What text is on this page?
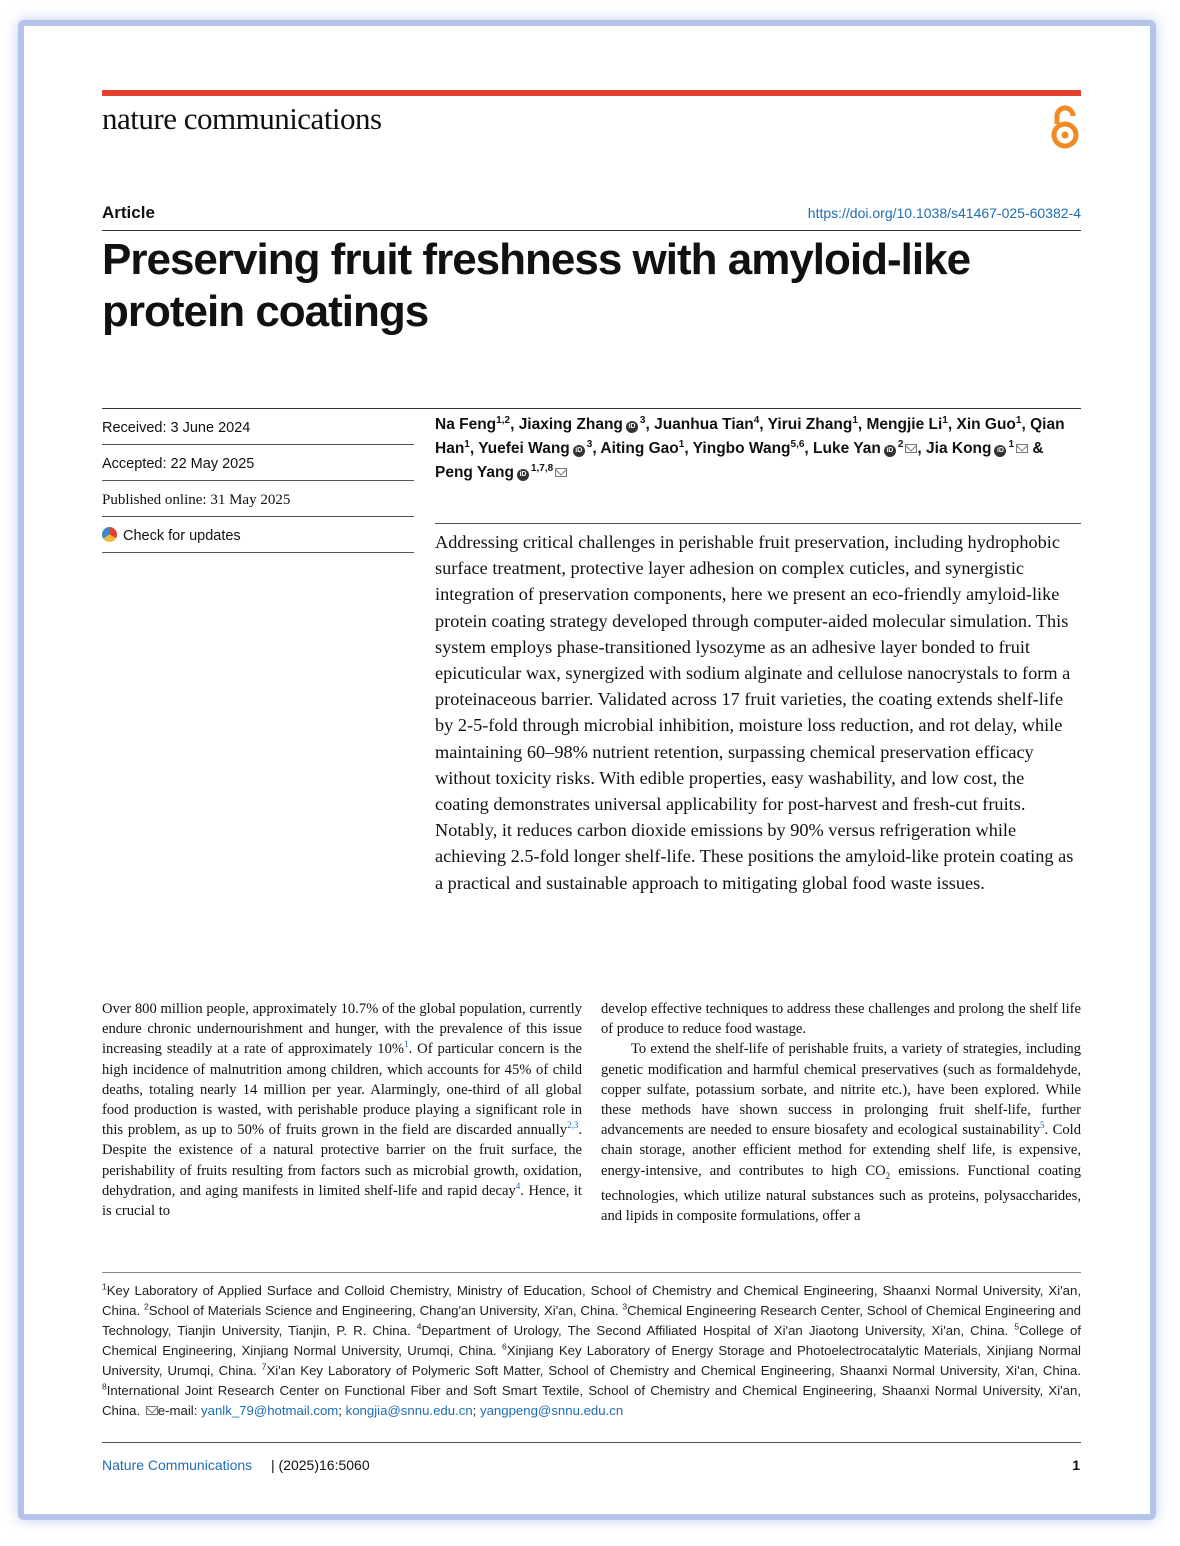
nature communications
Article	https://doi.org/10.1038/s41467-025-60382-4
Preserving fruit freshness with amyloid-like protein coatings
Received: 3 June 2024
Accepted: 22 May 2025
Published online: 31 May 2025
Check for updates
Na Feng$^{1,2}$, Jiaxing Zhang $iD^3$, Juanhua Tian$^4$, Yirui Zhang$^1$, Mengjie Li$^1$, Xin Guo$^1$, Qian Han$^1$, Yuefei Wang $iD^3$, Aiting Gao$^1$, Yingbo Wang$^{5,6}$, Luke Yan $iD^2$ , Jia Kong $iD^1$ & Peng Yang iD$^{1,7,8}$

Addressing critical challenges in perishable fruit preservation, including hydrophobic surface treatment, protective layer adhesion on complex cuticles, and synergistic integration of preservation components, here we present an eco-friendly amyloid-like protein coating strategy developed through computer-aided molecular simulation. This system employs phase-transitioned lysozyme as an adhesive layer bonded to fruit epicuticular wax, synergized with sodium alginate and cellulose nanocrystals to form a proteinaceous barrier. Validated across 17 fruit varieties, the coating extends shelf-life by 2-5-fold through microbial inhibition, moisture loss reduction, and rot delay, while maintaining 60–98% nutrient retention, surpassing chemical preservation efficacy without toxicity risks. With edible properties, easy washability, and low cost, the coating demonstrates universal applicability for post-harvest and fresh-cut fruits. Notably, it reduces carbon dioxide emissions by 90% versus refrigeration while achieving 2.5-fold longer shelf-life. These positions the amyloid-like protein coating as a practical and sustainable approach to mitigating global food waste issues.

Over 800 million people, approximately 10.7% of the global population, currently endure chronic undernourishment and hunger, with the prevalence of this issue increasing steadily at a rate of approximately 10%$^1$. Of particular concern is the high incidence of malnutrition among children, which accounts for 45% of child deaths, totaling nearly 14 million per year. Alarmingly, one-third of all global food production is wasted, with perishable produce playing a significant role in this problem, as up to 50% of fruits grown in the field are discarded annually$^{2,3}$. Despite the existence of a natural protective barrier on the fruit surface, the perishability of fruits resulting from factors such as microbial growth, oxidation, dehydration, and aging manifests in limited shelf-life and rapid decay$^4$. Hence, it is crucial to

develop effective techniques to address these challenges and prolong the shelf life of produce to reduce food wastage.

To extend the shelf-life of perishable fruits, a variety of strategies, including genetic modification and harmful chemical preservatives (such as formaldehyde, copper sulfate, potassium sorbate, and nitrite etc.), have been explored. While these methods have shown success in prolonging fruit shelf-life, further advancements are needed to ensure biosafety and ecological sustainability$^5$. Cold chain storage, another efficient method for extending shelf life, is expensive, energy-intensive, and contributes to high $CO_2$ emissions. Functional coating technologies, which utilize natural substances such as proteins, polysaccharides, and lipids in composite formulations, offer a

$^1$Key Laboratory of Applied Surface and Colloid Chemistry, Ministry of Education, School of Chemistry and Chemical Engineering, Shaanxi Normal University, Xi'an, China. $^2$School of Materials Science and Engineering, Chang'an University, Xi'an, China. $^3$Chemical Engineering Research Center, School of Chemical Engineering and Technology, Tianjin University, Tianjin, P. R. China. $^4$Department of Urology, The Second Affiliated Hospital of Xi'an Jiaotong University, Xi'an, China. $^5$College of Chemical Engineering, Xinjiang Normal University, Urumqi, China. $^6$Xinjiang Key Laboratory of Energy Storage and Photoelectrocatalytic Materials, Xinjiang Normal University, Urumqi, China. $^7$Xi'an Key Laboratory of Polymeric Soft Matter, School of Chemistry and Chemical Engineering, Shaanxi Normal University, Xi'an, China. $^8$International Joint Research Center on Functional Fiber and Soft Smart Textile, School of Chemistry and Chemical Engineering, Shaanxi Normal University, Xi'an, China. e-mail: yanlk_79@hotmail.com; kongjia@snnu.edu.cn; yangpeng@snnu.edu.cn

Nature Communications | (2025)16:5060	1
